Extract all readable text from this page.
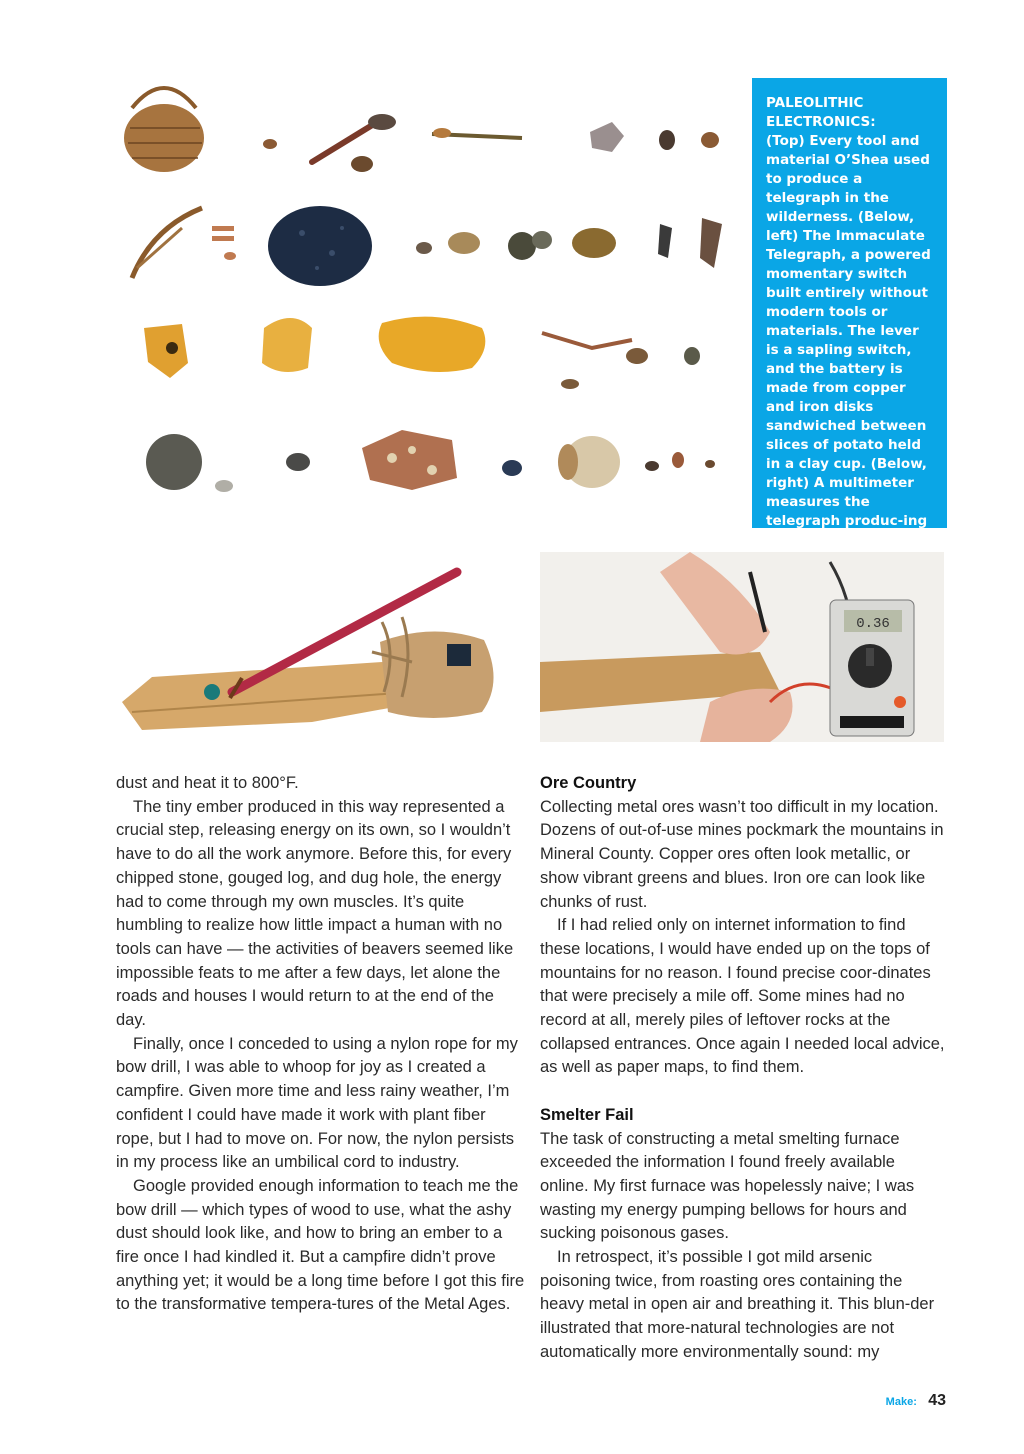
PALEOLITHIC ELECTRONICS:

(Top) Every tool and material O’Shea used to produce a telegraph in the wilderness. (Below, left) The Immaculate Telegraph, a powered momentary switch built entirely without modern tools or materials. The lever is a sapling switch, and the battery is made from copper and iron disks sandwiched between slices of potato held in a clay cup. (Below, right) A multimeter measures the telegraph produc-ing 0.36 volts.

0.36

dust and heat it to 800°F.

The tiny ember produced in this way represented a crucial step, releasing energy on its own, so I wouldn’t have to do all the work anymore. Before this, for every chipped stone, gouged log, and dug hole, the energy had to come through my own muscles. It’s quite humbling to realize how little impact a human with no tools can have — the activities of beavers seemed like impossible feats to me after a few days, let alone the roads and houses I would return to at the end of the day.

Finally, once I conceded to using a nylon rope for my bow drill, I was able to whoop for joy as I created a campfire. Given more time and less rainy weather, I’m confident I could have made it work with plant fiber rope, but I had to move on. For now, the nylon persists in my process like an umbilical cord to industry.

Google provided enough information to teach me the bow drill — which types of wood to use, what the ashy dust should look like, and how to bring an ember to a fire once I had kindled it. But a campfire didn’t prove anything yet; it would be a long time before I got this fire to the transformative tempera-tures of the Metal Ages.

Ore Country

Collecting metal ores wasn’t too difficult in my location. Dozens of out-of-use mines pockmark the mountains in Mineral County. Copper ores often look metallic, or show vibrant greens and blues. Iron ore can look like chunks of rust.

If I had relied only on internet information to find these locations, I would have ended up on the tops of mountains for no reason. I found precise coor-dinates that were precisely a mile off. Some mines had no record at all, merely piles of leftover rocks at the collapsed entrances. Once again I needed local advice, as well as paper maps, to find them.

Smelter Fail

The task of constructing a metal smelting furnace exceeded the information I found freely available online. My first furnace was hopelessly naive; I was wasting my energy pumping bellows for hours and sucking poisonous gases.

In retrospect, it’s possible I got mild arsenic poisoning twice, from roasting ores containing the heavy metal in open air and breathing it. This blun-der illustrated that more-natural technologies are not automatically more environmentally sound: my

Make: 43
